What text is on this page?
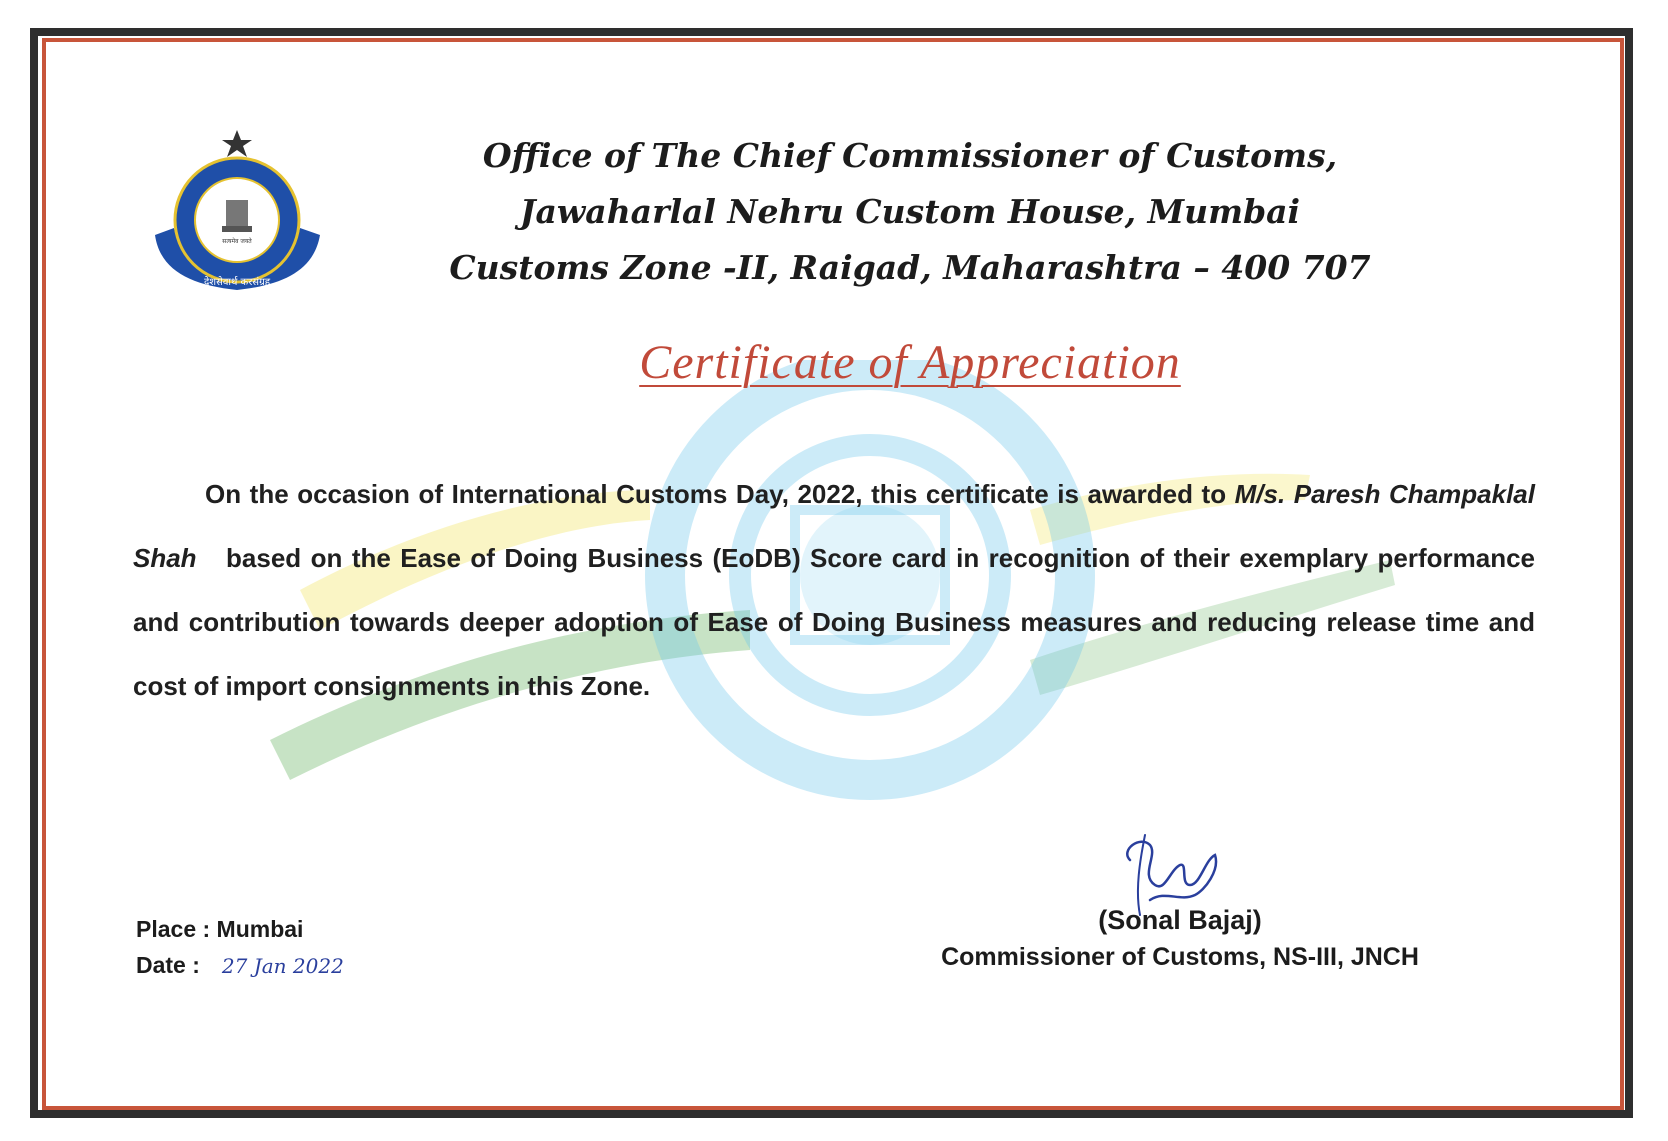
सत्यमेव जयते
देशसेवार्थ करसंग्रह
Office of The Chief Commissioner of Customs,
Jawaharlal Nehru Custom House, Mumbai
Customs Zone -II, Raigad, Maharashtra – 400 707
Certificate of Appreciation
On the occasion of International Customs Day, 2022, this certificate is awarded to M/s. Paresh Champaklal Shah based on the Ease of Doing Business (EoDB) Score card in recognition of their exemplary performance and contribution towards deeper adoption of Ease of Doing Business measures and reducing release time and cost of import consignments in this Zone.
Place : Mumbai
Date : 27 Jan 2022
(Sonal Bajaj)
Commissioner of Customs, NS-III, JNCH
